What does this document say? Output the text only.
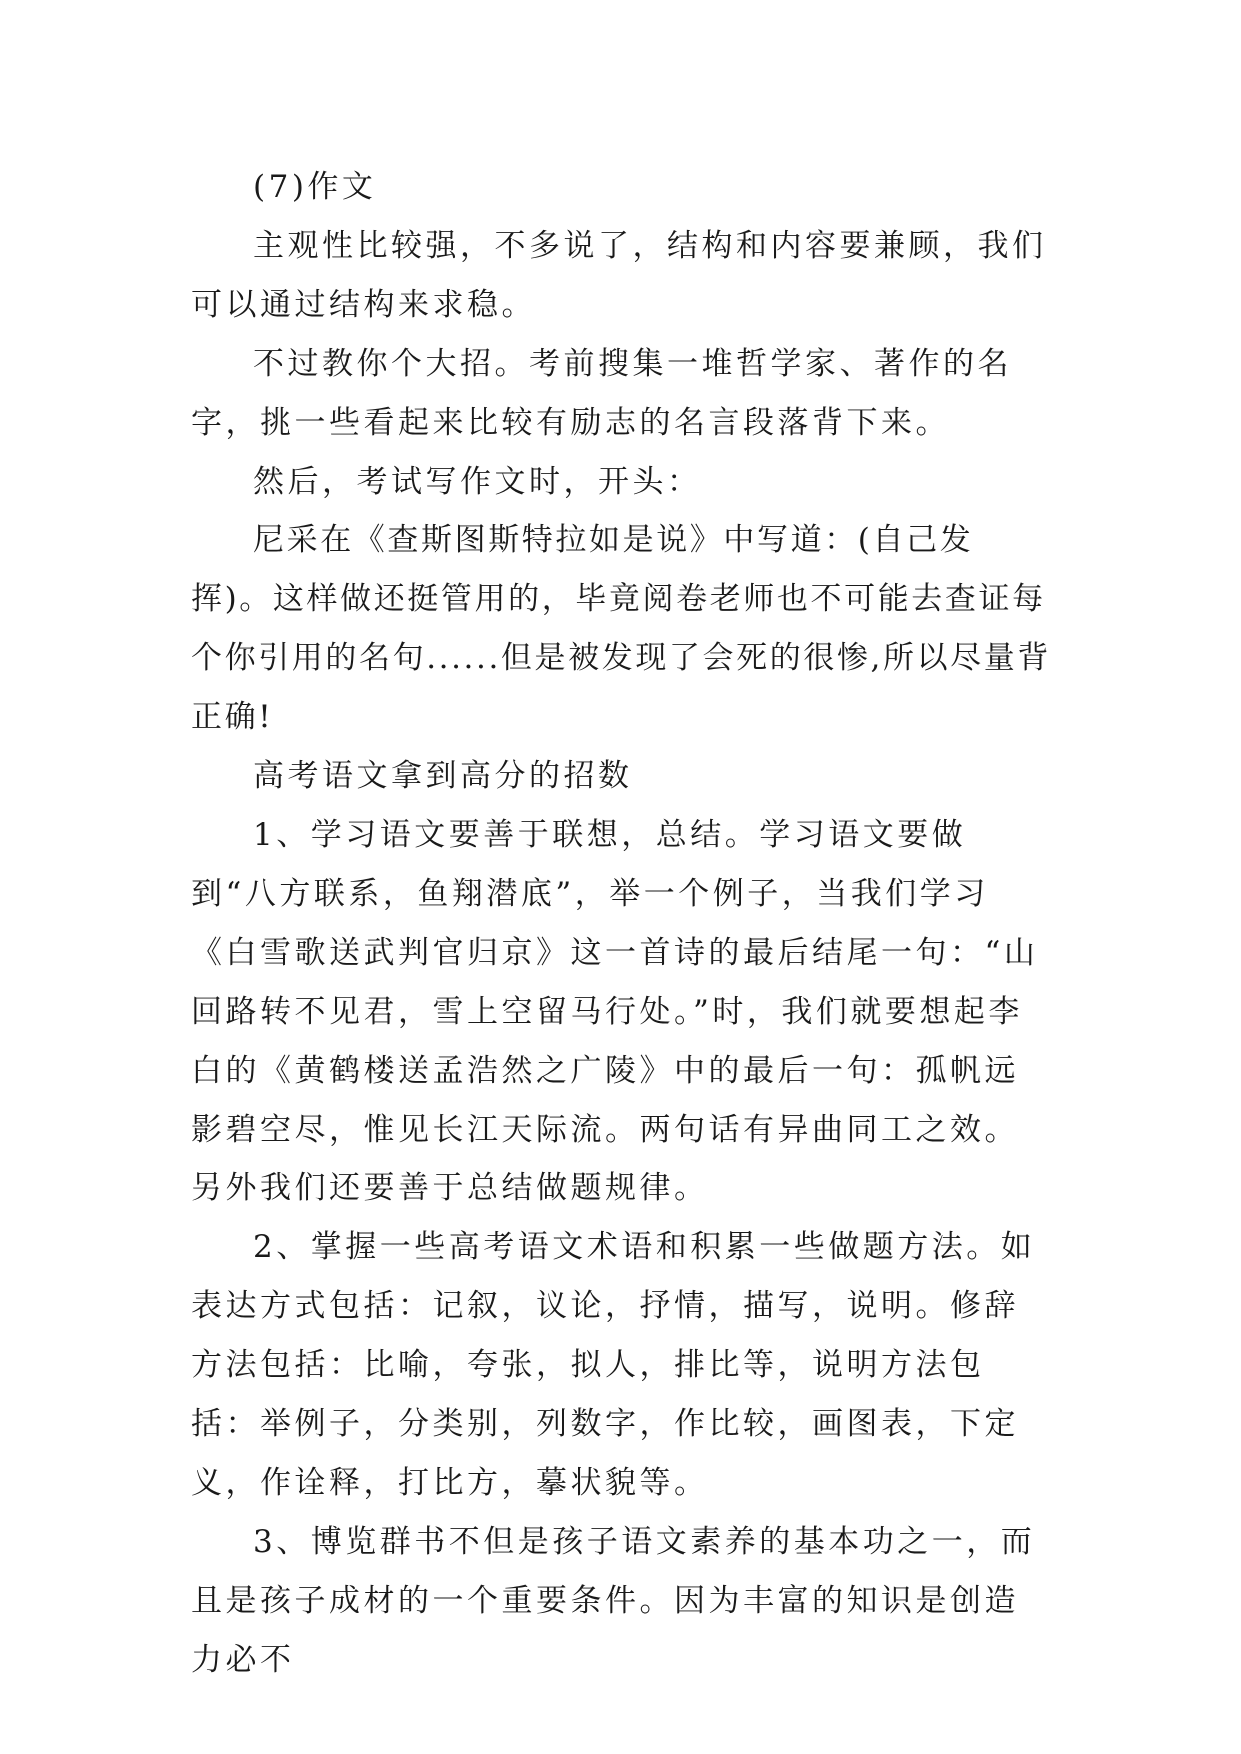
(7)作文

主观性比较强，不多说了，结构和内容要兼顾，我们可以通过结构来求稳。

不过教你个大招。考前搜集一堆哲学家、著作的名字，挑一些看起来比较有励志的名言段落背下来。

然后，考试写作文时，开头：

尼采在《查斯图斯特拉如是说》中写道：(自己发挥)。这样做还挺管用的，毕竟阅卷老师也不可能去查证每个你引用的名句......但是被发现了会死的很惨,所以尽量背正确!

高考语文拿到高分的招数

1、学习语文要善于联想，总结。学习语文要做到“八方联系，鱼翔潜底”，举一个例子，当我们学习《白雪歌送武判官归京》这一首诗的最后结尾一句：“山回路转不见君，雪上空留马行处。”时，我们就要想起李白的《黄鹤楼送孟浩然之广陵》中的最后一句：孤帆远影碧空尽，惟见长江天际流。两句话有异曲同工之效。另外我们还要善于总结做题规律。

2、掌握一些高考语文术语和积累一些做题方法。如表达方式包括：记叙，议论，抒情，描写，说明。修辞方法包括：比喻，夸张，拟人，排比等，说明方法包括：举例子，分类别，列数字，作比较，画图表，下定义，作诠释，打比方，摹状貌等。

3、博览群书不但是孩子语文素养的基本功之一，而且是孩子成材的一个重要条件。因为丰富的知识是创造力必不
